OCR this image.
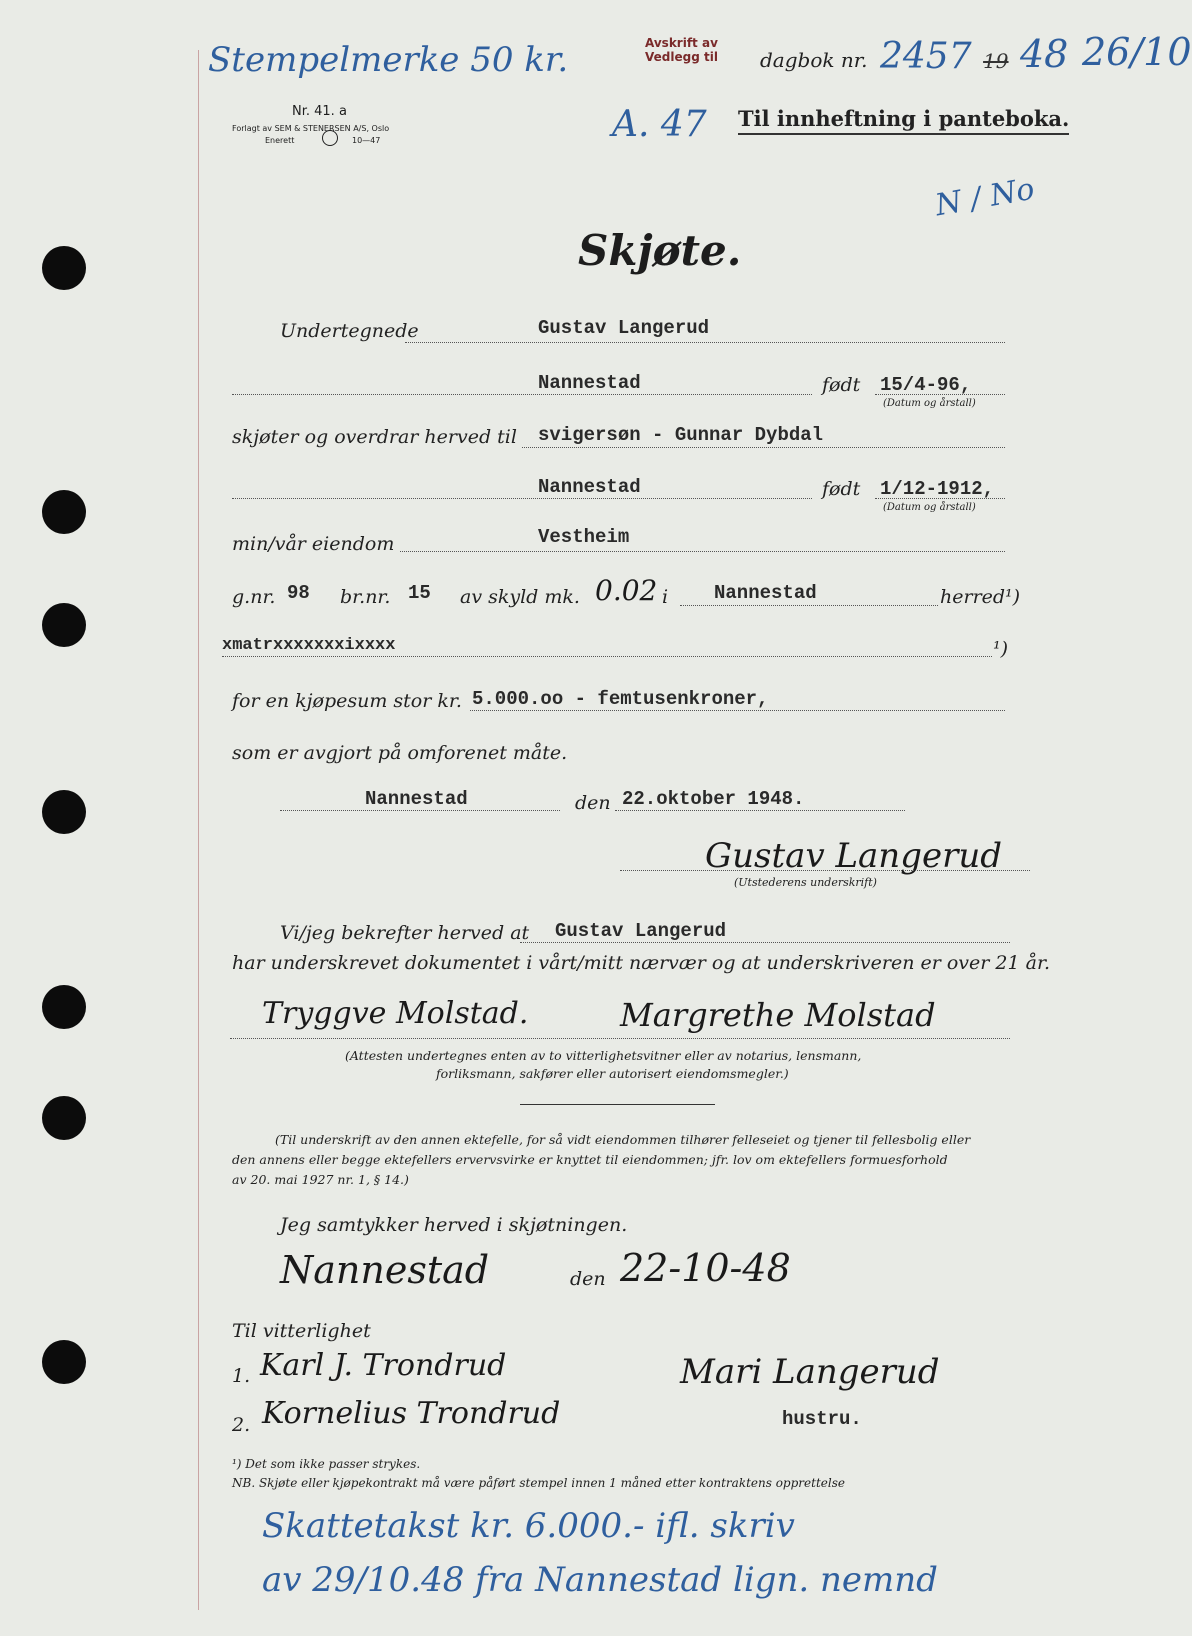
Stempelmerke 50 kr.	Avskrift av
Vedlegg til dagbok nr. 2457 19 48 26/10
A. 47 Til innheftning i panteboka.
N / No
Nr. 41. a
Forlagt av SEM & STENERSEN A/S, Oslo
Enerett	10—47
Skjøte.
Undertegnede	Gustav Langerud
Nannestad	født 15/4-96,
(Datum og årstall)
skjøter og overdrar herved til svigersøn - Gunnar Dybdal
Nannestad	født 1/12-1912,
(Datum og årstall)
min/vår eiendom	Vestheim
g.nr. 98 br.nr. 15 av skyld mk. 0.02 i Nannestad	herred¹)
xmatrxxxxxxxixxxx	¹)
for en kjøpesum stor kr. 5.000.oo - femtusenkroner,
som er avgjort på omforenet måte.
Nannestad	den 22.oktober 1948.
Gustav Langerud
(Utstederens underskrift)
Vi/jeg bekrefter herved at Gustav Langerud
har underskrevet dokumentet i vårt/mitt nærvær og at underskriveren er over 21 år.
Tryggve Molstad.	Margrethe Molstad
(Attesten undertegnes enten av to vitterlighetsvitner eller av notarius, lensmann,
forliksmann, sakfører eller autorisert eiendomsmegler.)
(Til underskrift av den annen ektefelle, for så vidt eiendommen tilhører felleseiet og tjener til fellesbolig eller
den annens eller begge ektefellers ervervsvirke er knyttet til eiendommen; jfr. lov om ektefellers formuesforhold
av 20. mai 1927 nr. 1, § 14.)
Jeg samtykker herved i skjøtningen.
Nannestad	den 22-10-48
Til vitterlighet
1. Karl J. Trondrud	Mari Langerud
2. Kornelius Trondrud	hustru.
¹) Det som ikke passer strykes.
NB. Skjøte eller kjøpekontrakt må være påført stempel innen 1 måned etter kontraktens opprettelse
Skattetakst kr. 6.000.- ifl. skriv
av 29/10.48 fra Nannestad lign. nemnd
